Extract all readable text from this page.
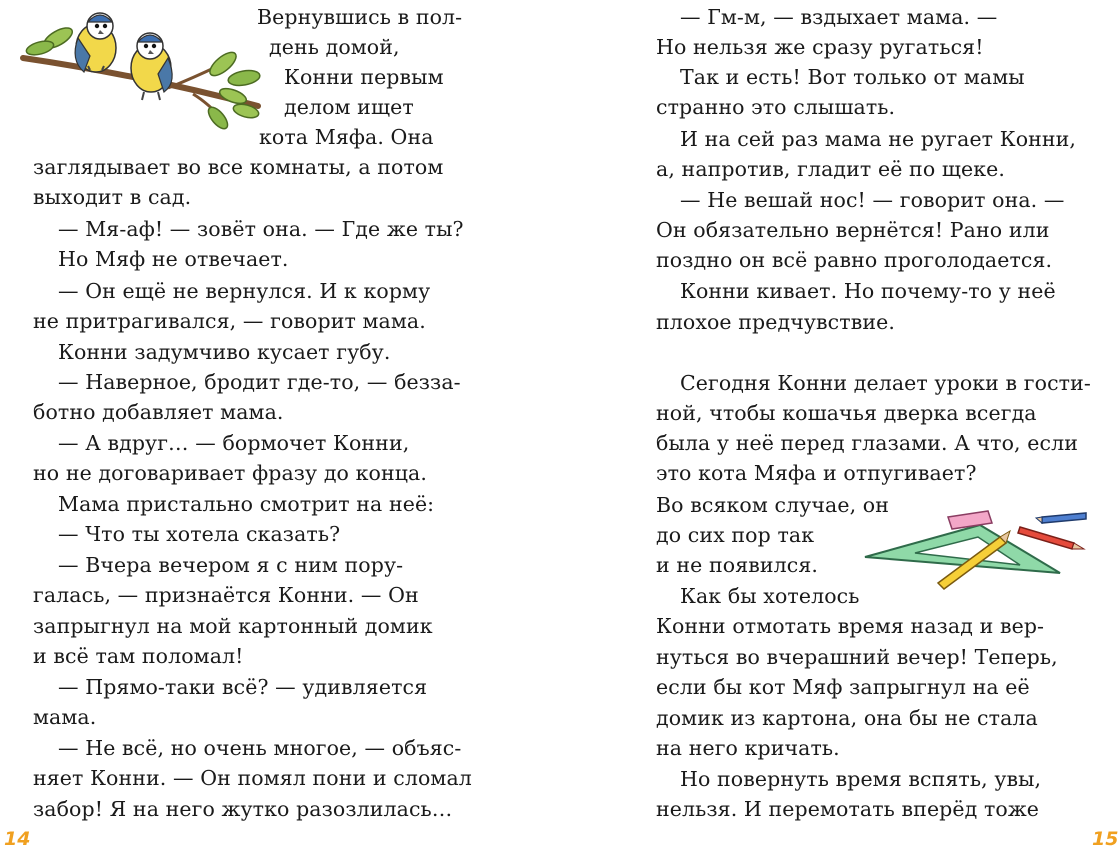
Вернувшись в пол-
день домой,
Конни первым
делом ищет
кота Мяфа. Она
заглядывает во все комнаты, а потом
выходит в сад.
— Мя-аф! — зовёт она. — Где же ты?
Но Мяф не отвечает.
— Он ещё не вернулся. И к корму
не притрагивался, — говорит мама.
Конни задумчиво кусает губу.
— Наверное, бродит где-то, — безза-
ботно добавляет мама.
— А вдруг… — бормочет Конни,
но не договаривает фразу до конца.
Мама пристально смотрит на неё:
— Что ты хотела сказать?
— Вчера вечером я с ним пору-
галась, — признаётся Конни. — Он
запрыгнул на мой картонный домик
и всё там поломал!
— Прямо-таки всё? — удивляется
мама.
— Не всё, но очень многое, — объяс-
няет Конни. — Он помял пони и сломал
забор! Я на него жутко разозлилась…
14
— Гм-м, — вздыхает мама. —
Но нельзя же сразу ругаться!
Так и есть! Вот только от мамы
странно это слышать.
И на сей раз мама не ругает Конни,
а, напротив, гладит её по щеке.
— Не вешай нос! — говорит она. —
Он обязательно вернётся! Рано или
поздно он всё равно проголодается.
Конни кивает. Но почему-то у неё
плохое предчувствие.
Сегодня Конни делает уроки в гости-
ной, чтобы кошачья дверка всегда
была у неё перед глазами. А что, если
это кота Мяфа и отпугивает?
Во всяком случае, он
до сих пор так
и не появился.
Как бы хотелось
Конни отмотать время назад и вер-
нуться во вчерашний вечер! Теперь,
если бы кот Мяф запрыгнул на её
домик из картона, она бы не стала
на него кричать.
Но повернуть время вспять, увы,
нельзя. И перемотать вперёд тоже
15
